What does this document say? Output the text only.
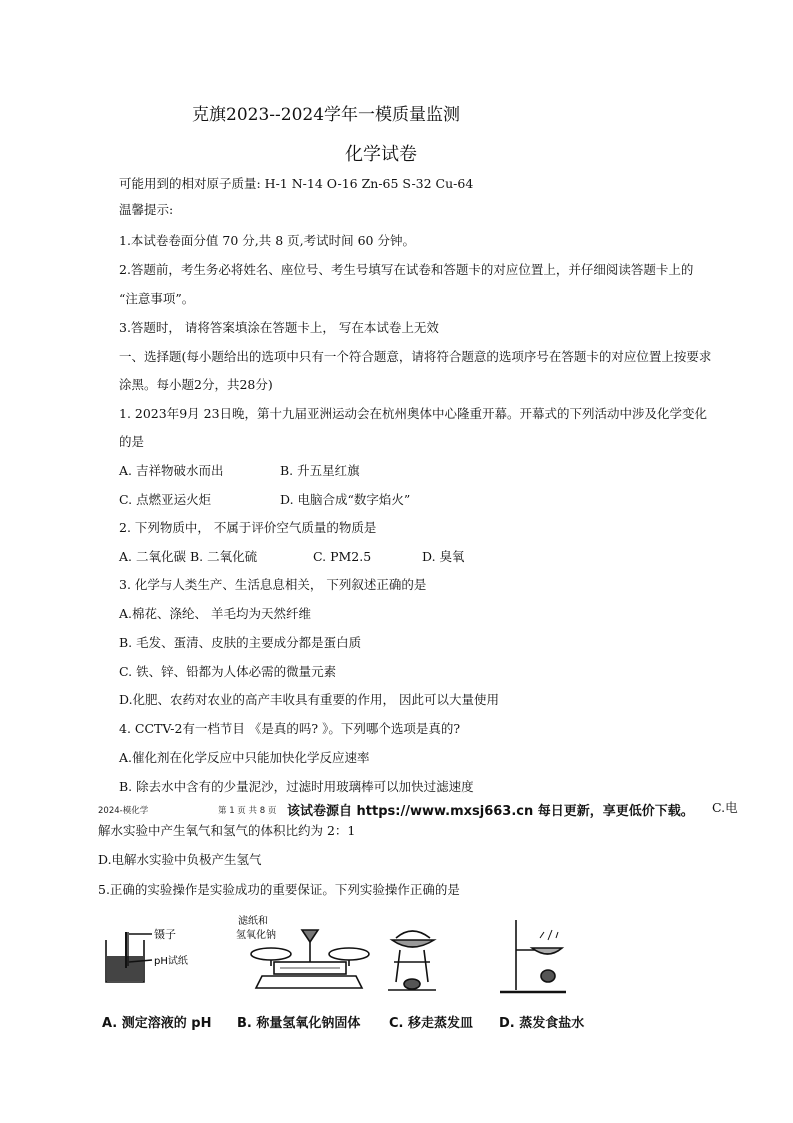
克旗2023--2024学年一模质量监测
化学试卷
可能用到的相对原子质量: H-1 N-14 O-16 Zn-65 S-32 Cu-64
温馨提示:
1.本试卷卷面分值 70 分,共 8 页,考试时间 60 分钟。
2.答题前，考生务必将姓名、座位号、考生号填写在试卷和答题卡的对应位置上，并仔细阅读答题卡上的
“注意事项”。
3.答题时， 请将答案填涂在答题卡上， 写在本试卷上无效
一、选择题(每小题给出的选项中只有一个符合题意，请将符合题意的选项序号在答题卡的对应位置上按要求
涂黑。每小题2分，共28分)
1. 2023年9月 23日晚，第十九届亚洲运动会在杭州奥体中心隆重开幕。开幕式的下列活动中涉及化学变化
的是
A. 吉祥物破水而出	B. 升五星红旗
C. 点燃亚运火炬	D. 电脑合成“数字焰火”
2. 下列物质中， 不属于评价空气质量的物质是
A. 二氧化碳 B. 二氧化硫	C. PM2.5	D. 臭氧
3. 化学与人类生产、生活息息相关， 下列叙述正确的是
A.棉花、涤纶、 羊毛均为天然纤维
B. 毛发、蛋清、皮肤的主要成分都是蛋白质
C. 铁、锌、铅都为人体必需的微量元素
D.化肥、农药对农业的高产丰收具有重要的作用， 因此可以大量使用
4. CCTV-2有一档节目 《是真的吗? 》。下列哪个选项是真的?
A.催化剂在化学反应中只能加快化学反应速率
B. 除去水中含有的少量泥沙，过滤时用玻璃棒可以加快过滤速度
2024-模化学	第 1 页 共 8 页 该试卷源自 https://www.mxsj663.cn 每日更新，享更低价下载。 C.电
解水实验中产生氧气和氢气的体积比约为 2：1
D.电解水实验中负极产生氢气
5.正确的实验操作是实验成功的重要保证。下列实验操作正确的是
镊子
pH试纸
滤纸和
氢氧化钠
A. 测定溶液的 pH B. 称量氢氧化钠固体 C. 移走蒸发皿 D. 蒸发食盐水
